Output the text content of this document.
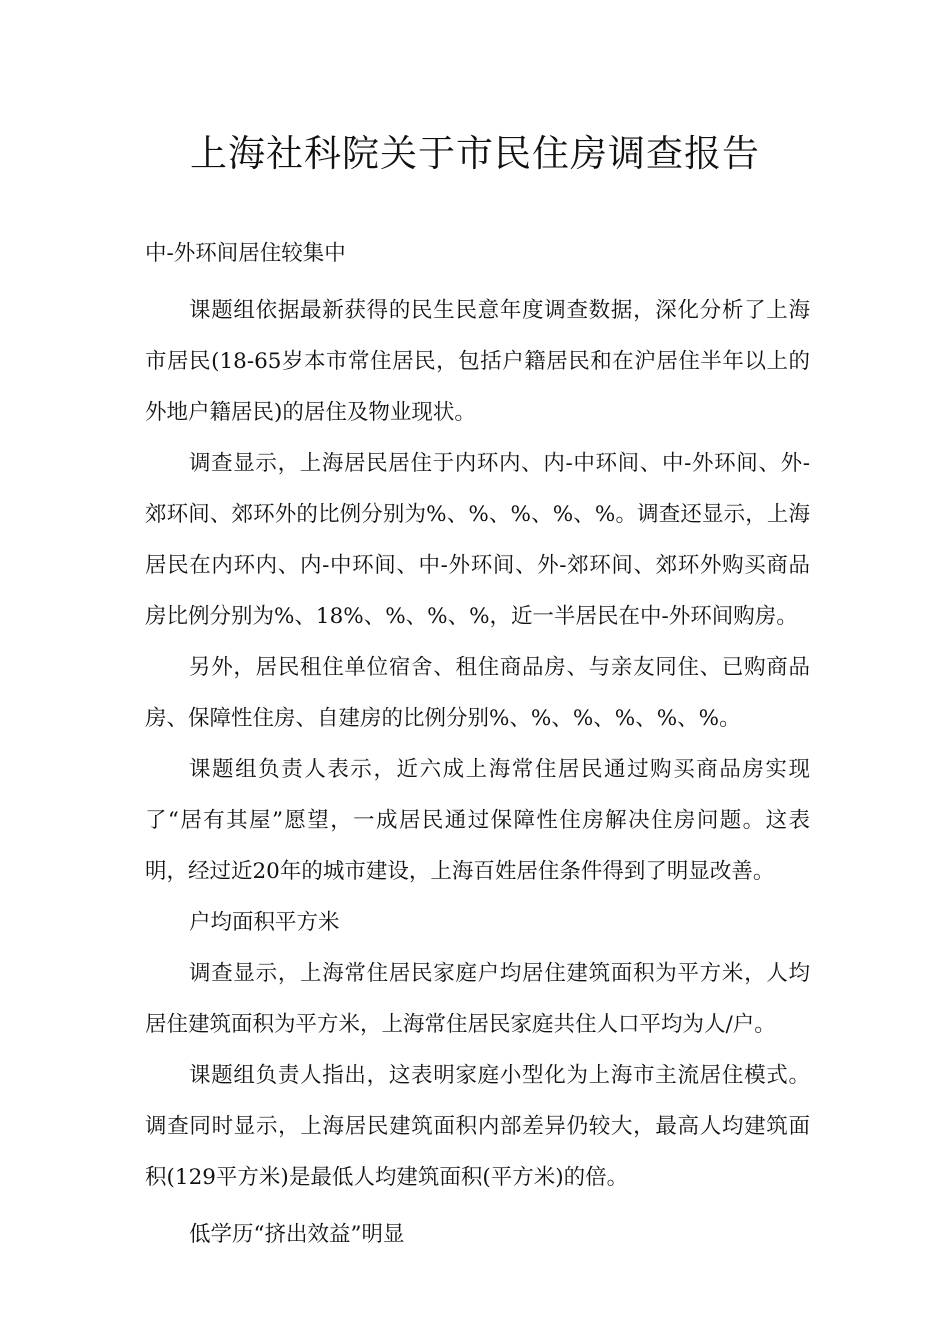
上海社科院关于市民住房调查报告

中-外环间居住较集中

课题组依据最新获得的民生民意年度调查数据，深化分析了上海市居民(18-65岁本市常住居民，包括户籍居民和在沪居住半年以上的外地户籍居民)的居住及物业现状。

调查显示，上海居民居住于内环内、内-中环间、中-外环间、外-郊环间、郊环外的比例分别为%、%、%、%、%。调查还显示，上海居民在内环内、内-中环间、中-外环间、外-郊环间、郊环外购买商品房比例分别为%、18%、%、%、%，近一半居民在中-外环间购房。

另外，居民租住单位宿舍、租住商品房、与亲友同住、已购商品房、保障性住房、自建房的比例分别%、%、%、%、%、%。

课题组负责人表示，近六成上海常住居民通过购买商品房实现了“居有其屋”愿望，一成居民通过保障性住房解决住房问题。这表明，经过近20年的城市建设，上海百姓居住条件得到了明显改善。

户均面积平方米

调查显示，上海常住居民家庭户均居住建筑面积为平方米，人均居住建筑面积为平方米，上海常住居民家庭共住人口平均为人/户。

课题组负责人指出，这表明家庭小型化为上海市主流居住模式。调查同时显示，上海居民建筑面积内部差异仍较大，最高人均建筑面积(129平方米)是最低人均建筑面积(平方米)的倍。

低学历“挤出效益”明显
